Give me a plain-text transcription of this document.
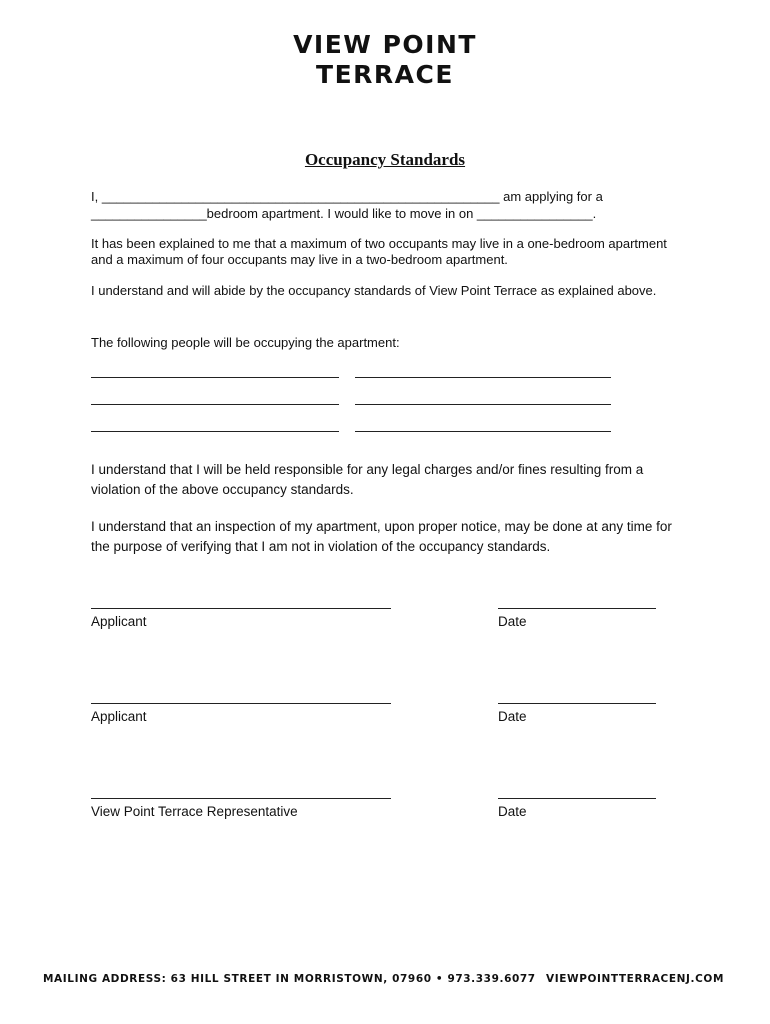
VIEW POINT
TERRACE
Occupancy Standards
I, _______________________________________________________ am applying for a
________________bedroom apartment. I would like to move in on ________________.
It has been explained to me that a maximum of two occupants may live in a one-bedroom apartment and a maximum of four occupants may live in a two-bedroom apartment.
I understand and will abide by the occupancy standards of View Point Terrace as explained above.
The following people will be occupying the apartment:
I understand that I will be held responsible for any legal charges and/or fines resulting from a violation of the above occupancy standards.
I understand that an inspection of my apartment, upon proper notice, may be done at any time for the purpose of verifying that I am not in violation of the occupancy standards.
Applicant	Date
Applicant	Date
View Point Terrace Representative	Date
MAILING ADDRESS: 63 HILL STREET IN MORRISTOWN, 07960 • 973.339.6077 VIEWPOINTTERRACENJ.COM
